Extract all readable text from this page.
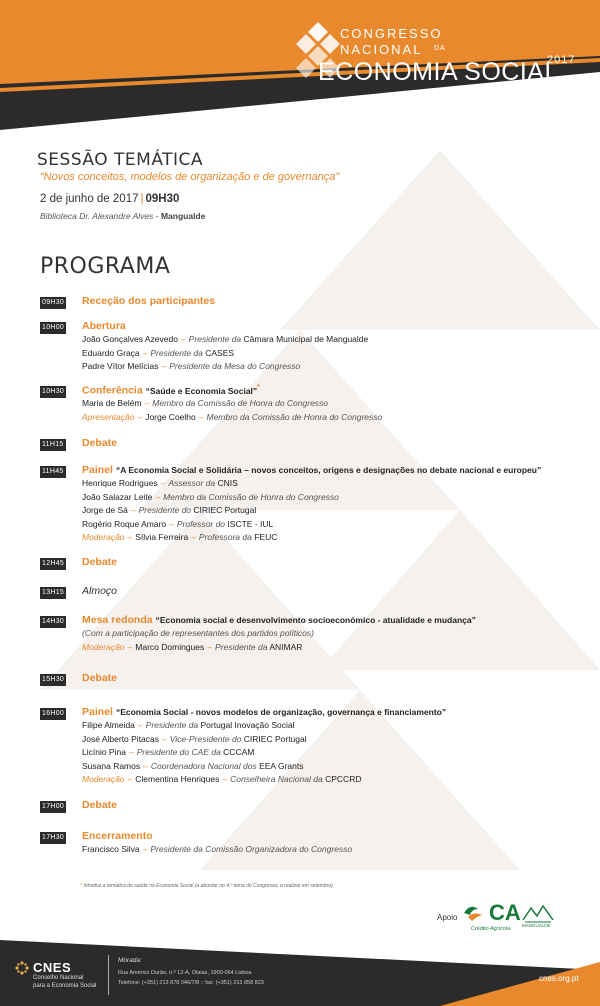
CONGRESSO
NACIONAL DA
ECONOMIA SOCIAL
2017
SESSÃO TEMÁTICA
“Novos conceitos, modelos de organização e de governança”
2 de junho de 2017 | 09H30
Biblioteca Dr. Alexandre Alves - Mangualde
PROGRAMA
09H30 Receção dos participantes
10H00 Abertura
João Gonçalves Azevedo – Presidente da Câmara Municipal de Mangualde
Eduardo Graça – Presidente da CASES
Padre Vítor Melícias – Presidente da Mesa do Congresso
10H30 Conferência “Saúde e Economia Social”*
Maria de Belém – Membro da Comissão de Honra do Congresso
Apresentação – Jorge Coelho – Membro da Comissão de Honra do Congresso
11H15 Debate
11H45 Painel “A Economia Social e Solidária – novos conceitos, origens e designações no debate nacional e europeu”
Henrique Rodrigues – Assessor da CNIS
João Salazar Leite – Membro da Comissão de Honra do Congresso
Jorge de Sá – Presidente do CIRIEC Portugal
Rogério Roque Amaro – Professor do ISCTE - IUL
Moderação – Sílvia Ferreira – Professora da FEUC
12H45 Debate
13H15 Almoço
14H30 Mesa redonda “Economia social e desenvolvimento socioeconómico - atualidade e mudança”
(Com a participação de representantes dos partidos políticos)
Moderação – Marco Domingues – Presidente da ANIMAR
15H30 Debate
16H00 Painel “Economia Social - novos modelos de organização, governança e financiamento”
Filipe Almeida – Presidente da Portugal Inovação Social
José Alberto Pitacas – Vice-Presidente do CIRIEC Portugal
Licínio Pina – Presidente do CAE da CCCAM
Susana Ramos – Coordenadora Nacional dos EEA Grants
Moderação – Clementina Henriques – Conselheira Nacional da CPCCRD
17H00 Debate
17H30 Encerramento
Francisco Silva – Presidente da Comissão Organizadora do Congresso
* Introduz a temática da saúde na Economia Social (a abordar no 4.º tema do Congresso, a realizar em setembro)
Apoio CA
Crédito Agrícola
MANGUALDE
CNES
Conselho Nacional
para a Economia Social
Morada:
Rua Américo Durão, n.º 12-A, Olaias, 1900-064 Lisboa
Telefone: (+351) 213 878 046/7/8 :: fax: (+351) 213 858 823	cnes.org.pt
